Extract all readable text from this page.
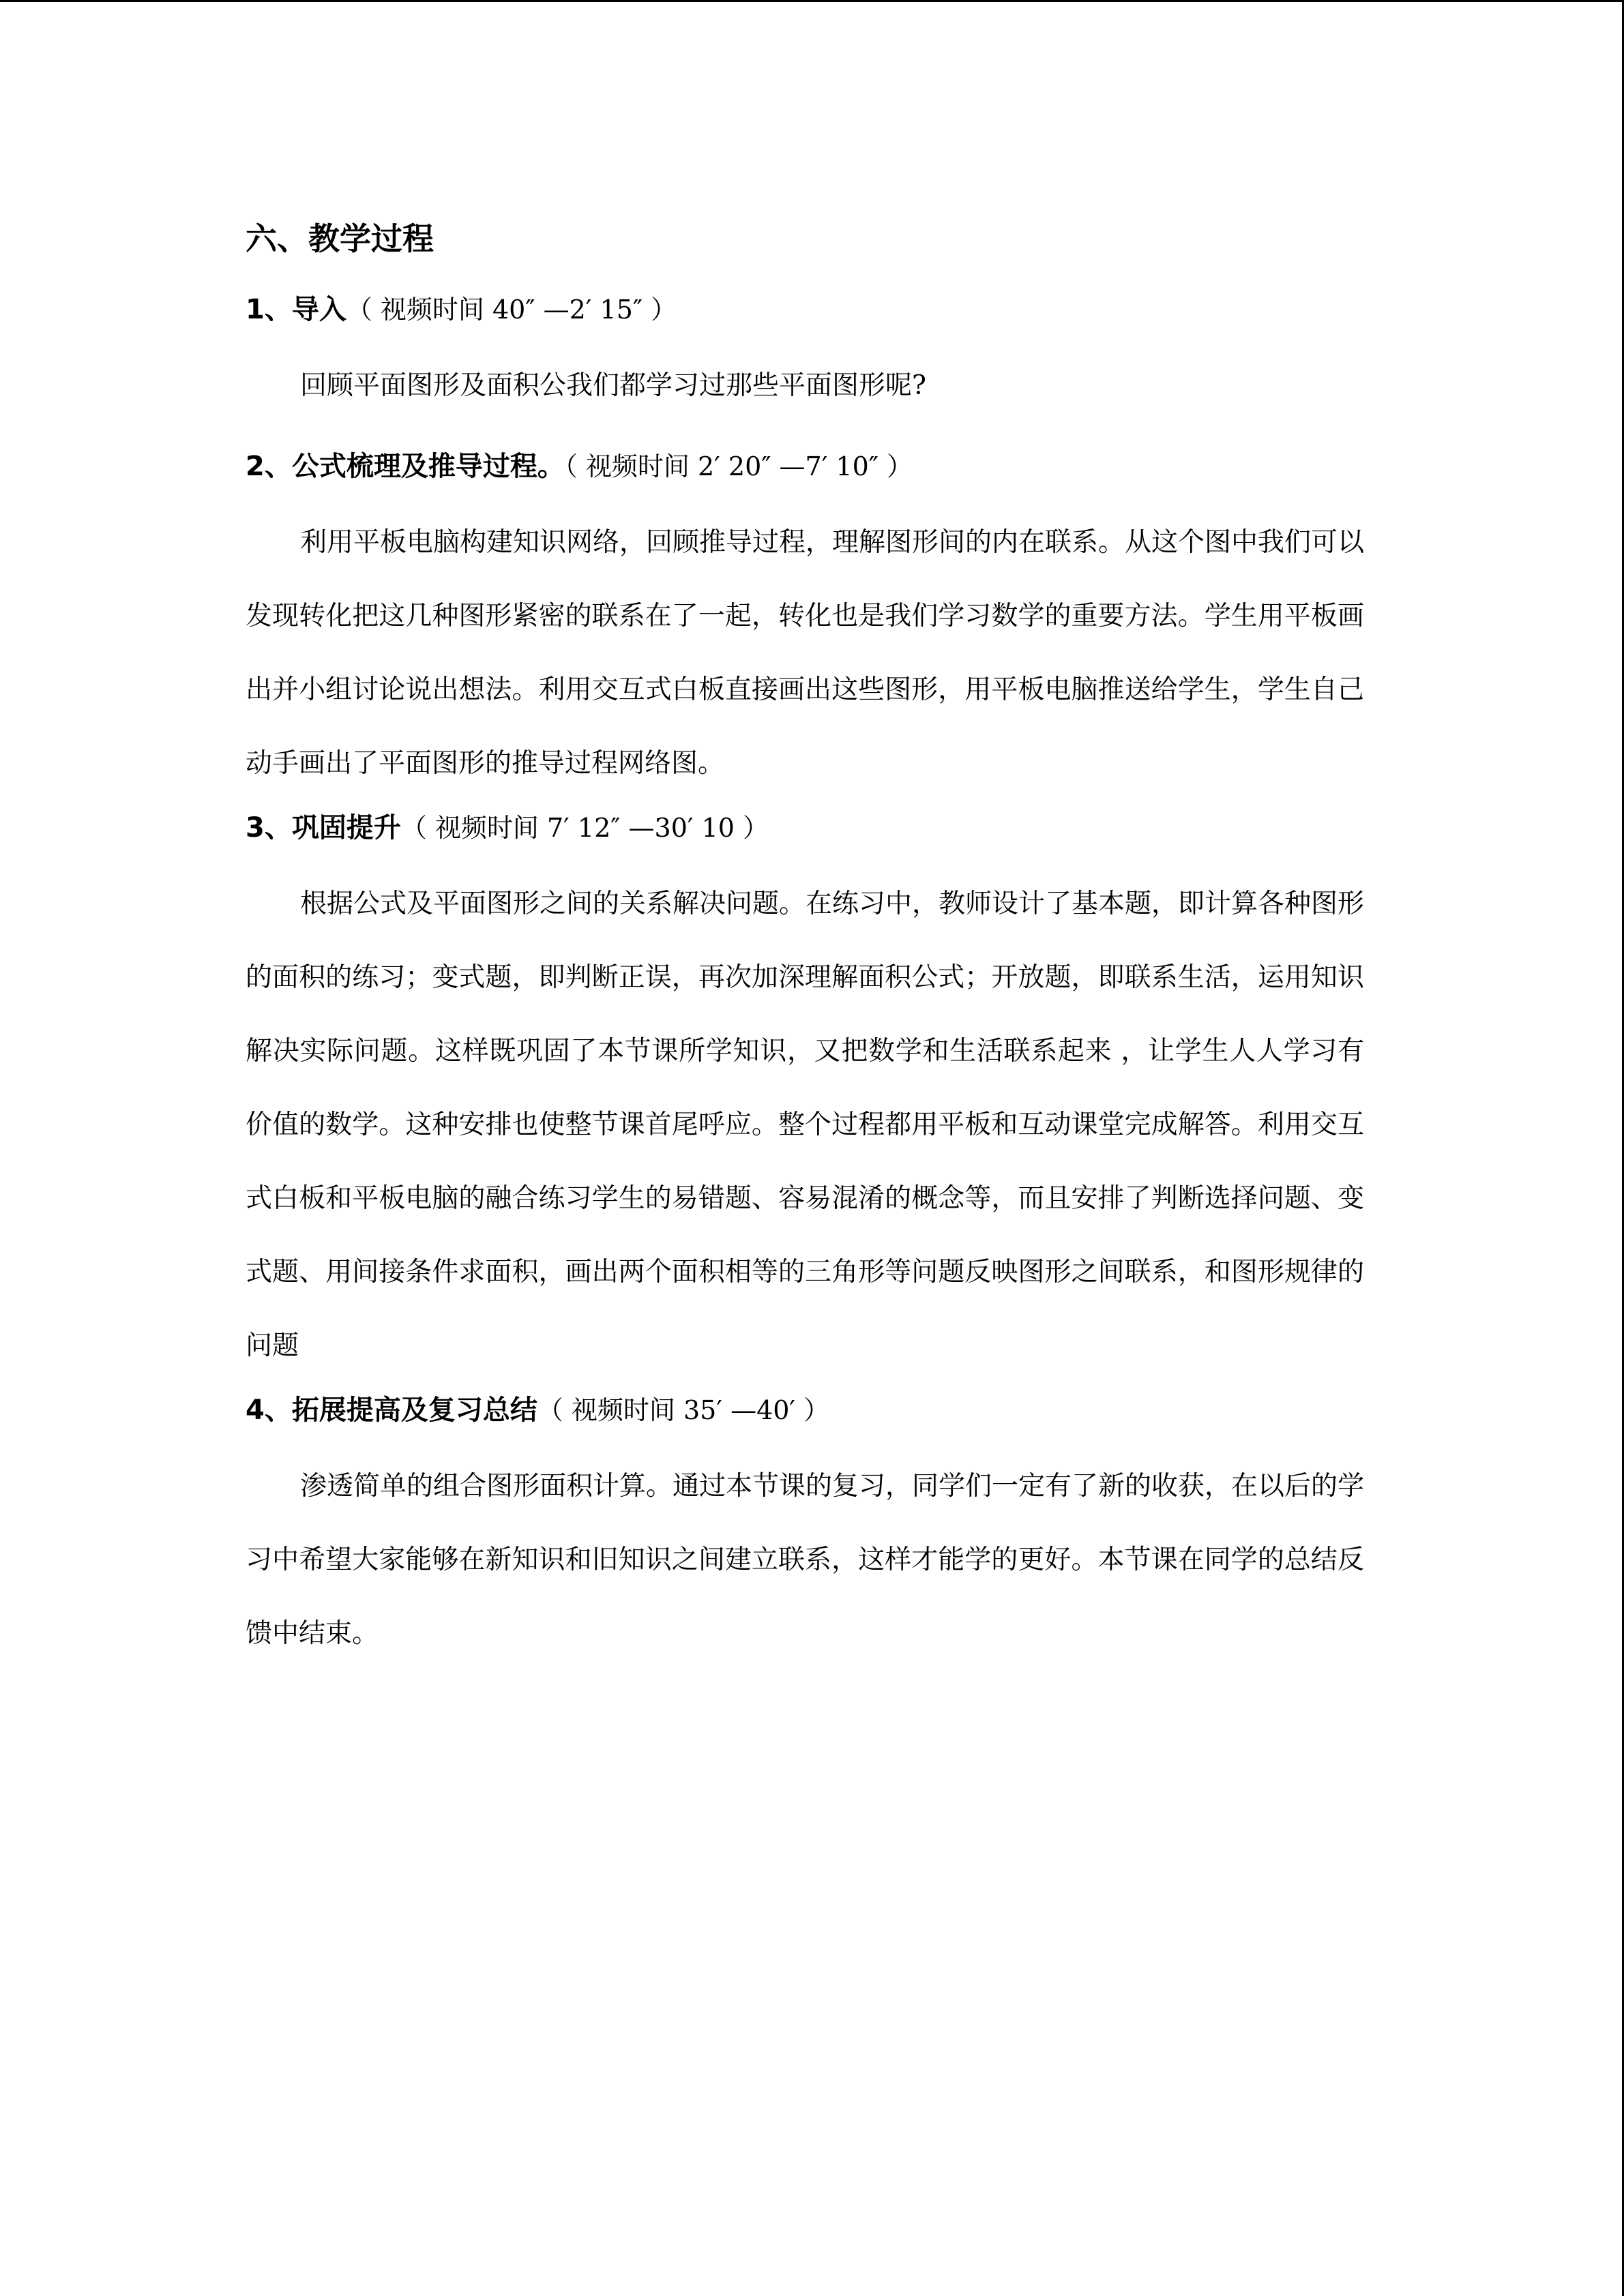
六、教学过程
1、导入（ 视频时间 40″ —2′ 15″ ）
回顾平面图形及面积公我们都学习过那些平面图形呢?
2、公式梳理及推导过程。（ 视频时间 2′ 20″ —7′ 10″ ）
利用平板电脑构建知识网络，回顾推导过程，理解图形间的内在联系。从这个图中我们可以发现转化把这几种图形紧密的联系在了一起，转化也是我们学习数学的重要方法。学生用平板画出并小组讨论说出想法。利用交互式白板直接画出这些图形，用平板电脑推送给学生，学生自己动手画出了平面图形的推导过程网络图。
3、巩固提升（ 视频时间 7′ 12″ —30′ 10 ）
根据公式及平面图形之间的关系解决问题。在练习中，教师设计了基本题，即计算各种图形的面积的练习；变式题，即判断正误，再次加深理解面积公式；开放题，即联系生活，运用知识解决实际问题。这样既巩固了本节课所学知识，又把数学和生活联系起来 ，让学生人人学习有价值的数学。这种安排也使整节课首尾呼应。整个过程都用平板和互动课堂完成解答。利用交互式白板和平板电脑的融合练习学生的易错题、容易混淆的概念等，而且安排了判断选择问题、变式题、用间接条件求面积，画出两个面积相等的三角形等问题反映图形之间联系，和图形规律的问题
4、拓展提高及复习总结（ 视频时间 35′ —40′ ）
渗透简单的组合图形面积计算。通过本节课的复习，同学们一定有了新的收获，在以后的学习中希望大家能够在新知识和旧知识之间建立联系，这样才能学的更好。本节课在同学的总结反馈中结束。
